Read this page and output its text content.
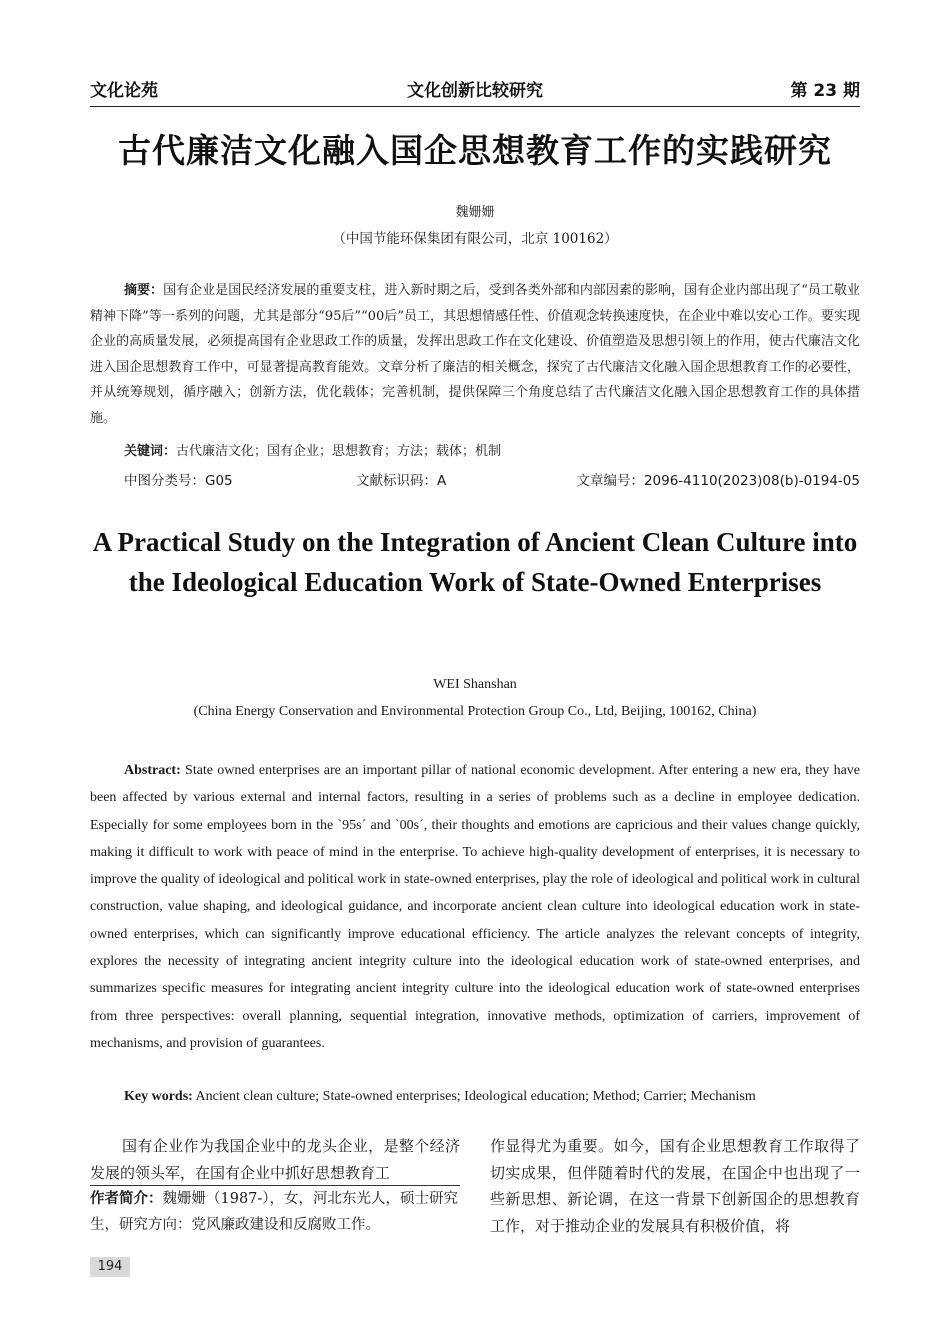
文化论苑	文化创新比较研究	第 23 期
古代廉洁文化融入国企思想教育工作的实践研究
魏姗姗
（中国节能环保集团有限公司，北京 100162）

摘要：国有企业是国民经济发展的重要支柱，进入新时期之后，受到各类外部和内部因素的影响，国有企业内部出现了“员工敬业精神下降”等一系列的问题，尤其是部分“95后”“00后”员工，其思想情感任性、价值观念转换速度快，在企业中难以安心工作。要实现企业的高质量发展，必须提高国有企业思政工作的质量，发挥出思政工作在文化建设、价值塑造及思想引领上的作用，使古代廉洁文化进入国企思想教育工作中，可显著提高教育能效。文章分析了廉洁的相关概念，探究了古代廉洁文化融入国企思想教育工作的必要性，并从统筹规划，循序融入；创新方法，优化载体；完善机制，提供保障三个角度总结了古代廉洁文化融入国企思想教育工作的具体措施。

关键词：古代廉洁文化；国有企业；思想教育；方法；载体；机制

中图分类号：G05	文献标识码：A	文章编号：2096-4110(2023)08(b)-0194-05
A Practical Study on the Integration of Ancient Clean Culture into the Ideological Education Work of State-Owned Enterprises
WEI Shanshan
(China Energy Conservation and Environmental Protection Group Co., Ltd, Beijing, 100162, China)

Abstract: State owned enterprises are an important pillar of national economic development. After entering a new era, they have been affected by various external and internal factors, resulting in a series of problems such as a decline in employee dedication. Especially for some employees born in the `95s´ and `00s´, their thoughts and emotions are capricious and their values change quickly, making it difficult to work with peace of mind in the enterprise. To achieve high-quality development of enterprises, it is necessary to improve the quality of ideological and political work in state-owned enterprises, play the role of ideological and political work in cultural construction, value shaping, and ideological guidance, and incorporate ancient clean culture into ideological education work in state-owned enterprises, which can significantly improve educational efficiency. The article analyzes the relevant concepts of integrity, explores the necessity of integrating ancient integrity culture into the ideological education work of state-owned enterprises, and summarizes specific measures for integrating ancient integrity culture into the ideological education work of state-owned enterprises from three perspectives: overall planning, sequential integration, innovative methods, optimization of carriers, improvement of mechanisms, and provision of guarantees.

Key words: Ancient clean culture; State-owned enterprises; Ideological education; Method; Carrier; Mechanism

国有企业作为我国企业中的龙头企业，是整个经济发展的领头军，在国有企业中抓好思想教育工

作者简介：魏姗姗（1987-），女，河北东光人，硕士研究生，研究方向：党风廉政建设和反腐败工作。

作显得尤为重要。如今，国有企业思想教育工作取得了切实成果，但伴随着时代的发展，在国企中也出现了一些新思想、新论调，在这一背景下创新国企的思想教育工作，对于推动企业的发展具有积极价值，将

194
